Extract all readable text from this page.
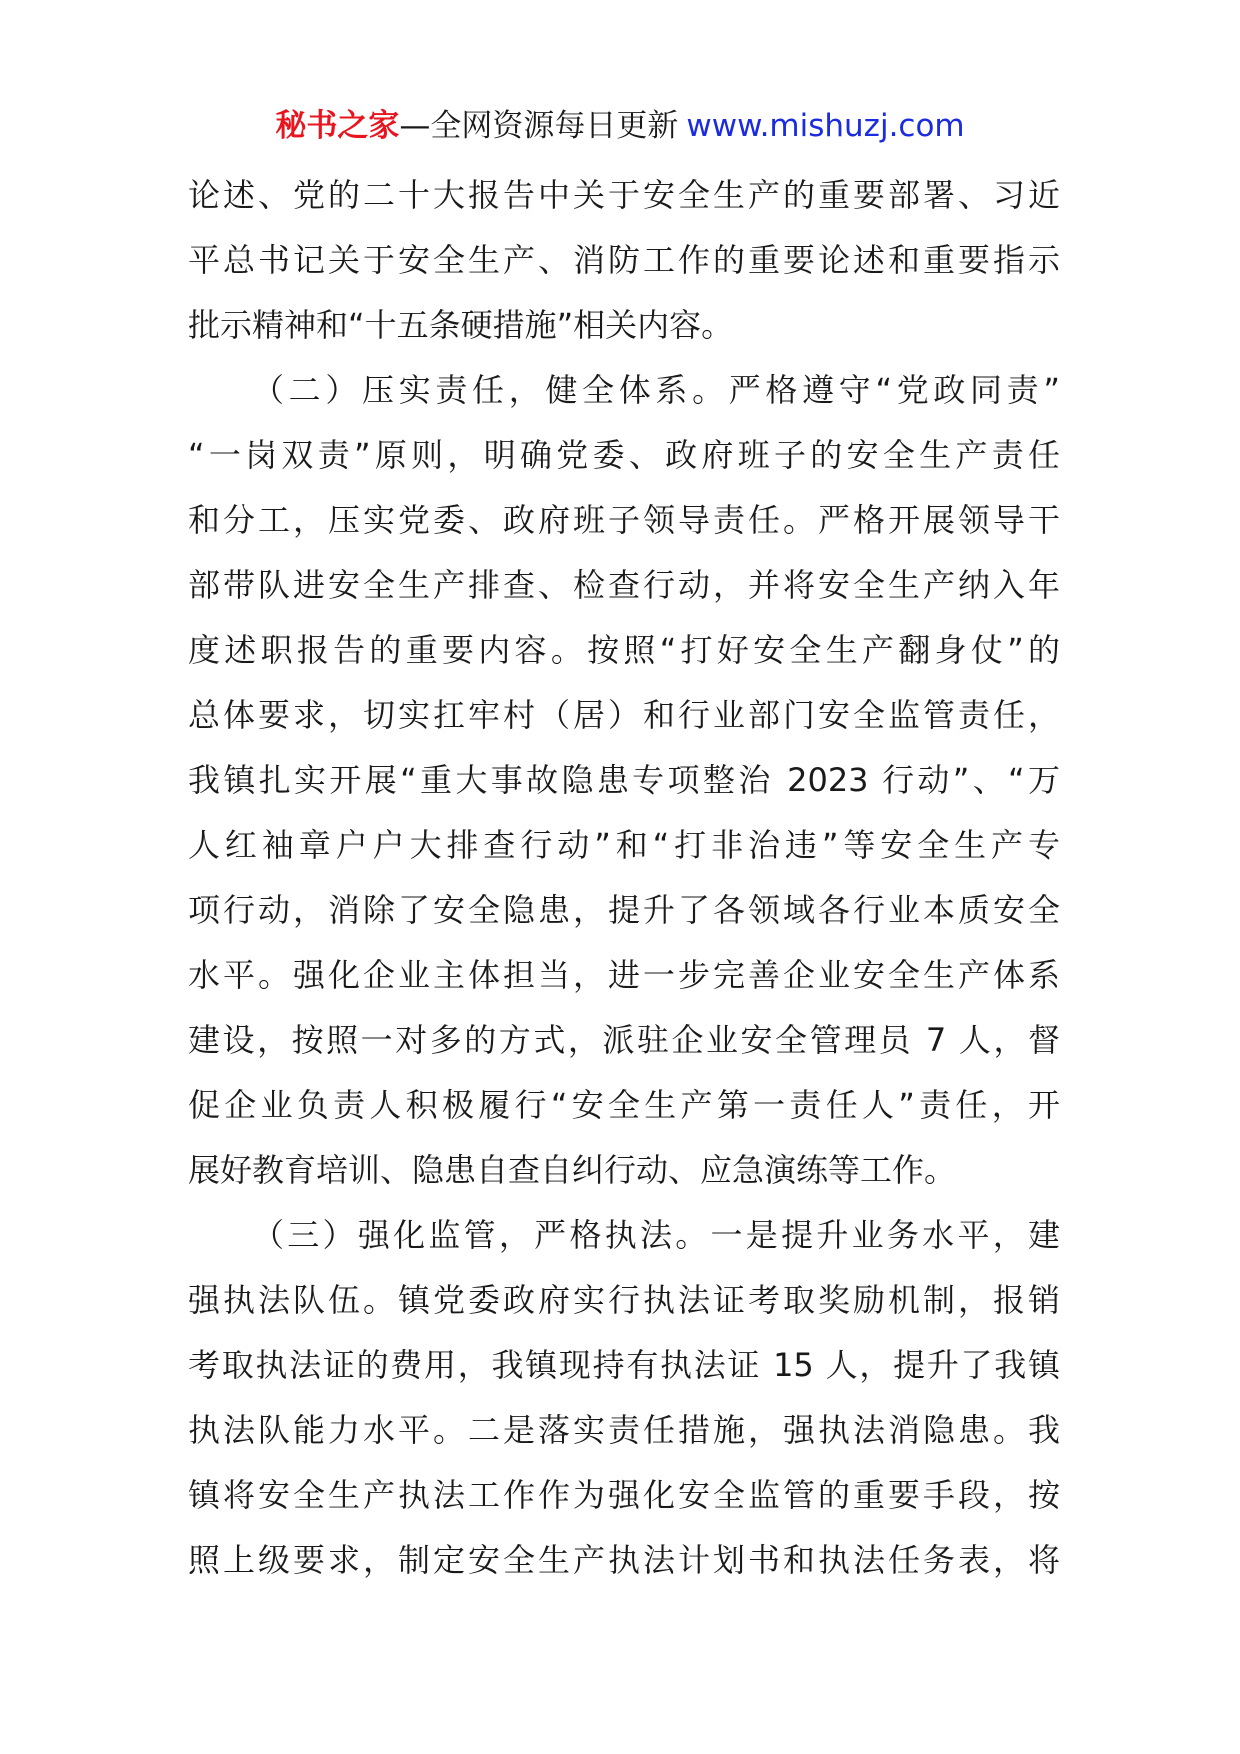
秘书之家—全网资源每日更新 www.mishuzj.com
论述、党的二十大报告中关于安全生产的重要部署、习近
平总书记关于安全生产、消防工作的重要论述和重要指示
批示精神和“十五条硬措施”相关内容。
（二）压实责任，健全体系。严格遵守“党政同责”
“一岗双责”原则，明确党委、政府班子的安全生产责任
和分工，压实党委、政府班子领导责任。严格开展领导干
部带队进安全生产排查、检查行动，并将安全生产纳入年
度述职报告的重要内容。按照“打好安全生产翻身仗”的
总体要求，切实扛牢村（居）和行业部门安全监管责任，
我镇扎实开展“重大事故隐患专项整治 2023 行动”、“万
人红袖章户户大排查行动”和“打非治违”等安全生产专
项行动，消除了安全隐患，提升了各领域各行业本质安全
水平。强化企业主体担当，进一步完善企业安全生产体系
建设，按照一对多的方式，派驻企业安全管理员 7 人，督
促企业负责人积极履行“安全生产第一责任人”责任，开
展好教育培训、隐患自查自纠行动、应急演练等工作。
（三）强化监管，严格执法。一是提升业务水平，建
强执法队伍。镇党委政府实行执法证考取奖励机制，报销
考取执法证的费用，我镇现持有执法证 15 人，提升了我镇
执法队能力水平。二是落实责任措施，强执法消隐患。我
镇将安全生产执法工作作为强化安全监管的重要手段，按
照上级要求，制定安全生产执法计划书和执法任务表，将
